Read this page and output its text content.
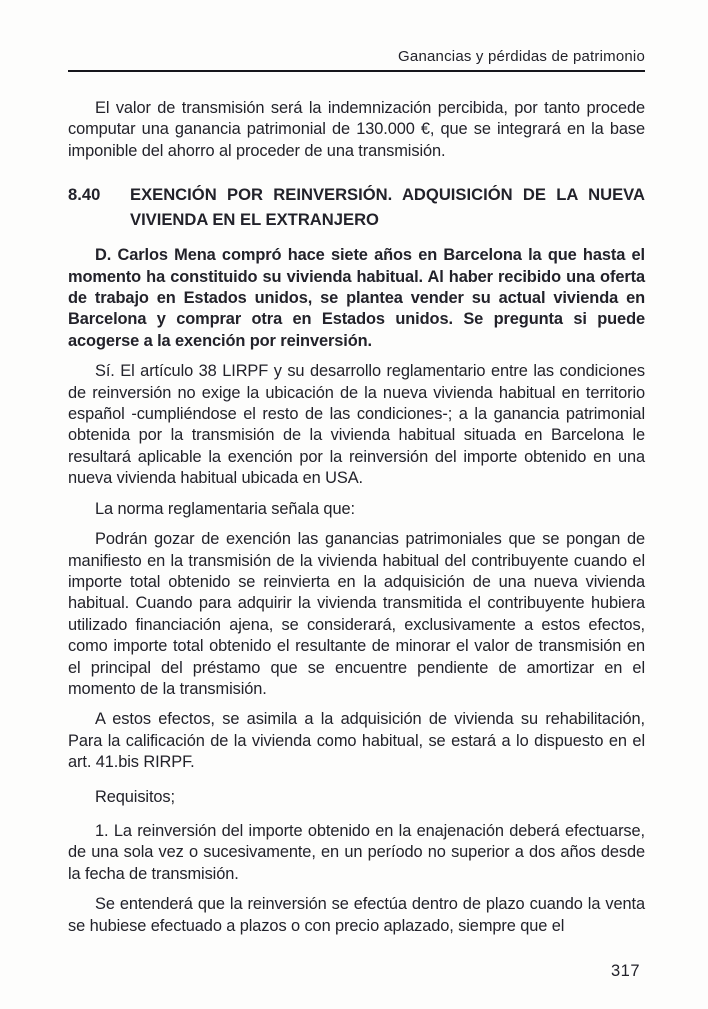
Ganancias y pérdidas de patrimonio

El valor de transmisión será la indemnización percibida, por tanto procede computar una ganancia patrimonial de 130.000 €, que se integrará en la base imponible del ahorro al proceder de una transmisión.

8.40	EXENCIÓN POR REINVERSIÓN. ADQUISICIÓN DE LA NUEVA VIVIENDA EN EL EXTRANJERO

D. Carlos Mena compró hace siete años en Barcelona la que hasta el momento ha constituido su vivienda habitual. Al haber recibido una oferta de trabajo en Estados unidos, se plantea vender su actual vivienda en Barcelona y comprar otra en Estados unidos. Se pregunta si puede acogerse a la exención por reinversión.

Sí. El artículo 38 LIRPF y su desarrollo reglamentario entre las condiciones de reinversión no exige la ubicación de la nueva vivienda habitual en territorio español -cumpliéndose el resto de las condiciones-; a la ganancia patrimonial obtenida por la transmisión de la vivienda habitual situada en Barcelona le resultará aplicable la exención por la reinversión del importe obtenido en una nueva vivienda habitual ubicada en USA.

La norma reglamentaria señala que:

Podrán gozar de exención las ganancias patrimoniales que se pongan de manifiesto en la transmisión de la vivienda habitual del contribuyente cuando el importe total obtenido se reinvierta en la adquisición de una nueva vivienda habitual. Cuando para adquirir la vivienda transmitida el contribuyente hubiera utilizado financiación ajena, se considerará, exclusivamente a estos efectos, como importe total obtenido el resultante de minorar el valor de transmisión en el principal del préstamo que se encuentre pendiente de amortizar en el momento de la transmisión.

A estos efectos, se asimila a la adquisición de vivienda su rehabilitación, Para la calificación de la vivienda como habitual, se estará a lo dispuesto en el art. 41.bis RIRPF.

Requisitos;

1. La reinversión del importe obtenido en la enajenación deberá efectuarse, de una sola vez o sucesivamente, en un período no superior a dos años desde la fecha de transmisión.

Se entenderá que la reinversión se efectúa dentro de plazo cuando la venta se hubiese efectuado a plazos o con precio aplazado, siempre que el

317
